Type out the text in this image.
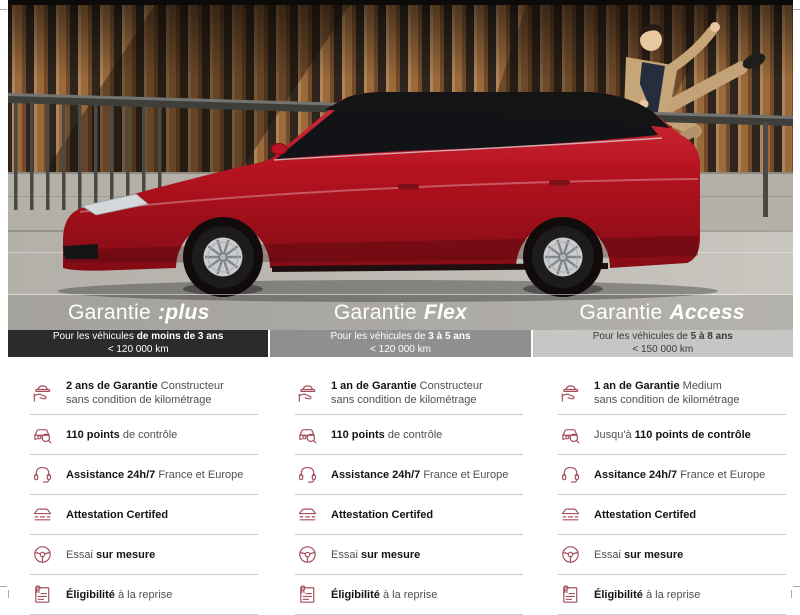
Garantie :plus	Garantie Flex	Garantie Access
Pour les véhicules de moins de 3 ans
< 120 000 km
Pour les véhicules de 3 à 5 ans
< 120 000 km
Pour les véhicules de 5 à 8 ans
< 150 000 km
2 ans de Garantie Constructeur
sans condition de kilométrage
110 points de contrôle
Assistance 24h/7 France et Europe
Attestation Certifed
Essai sur mesure
Éligibilité à la reprise
1 an de Garantie Constructeur
sans condition de kilométrage
110 points de contrôle
Assistance 24h/7 France et Europe
Attestation Certifed
Essai sur mesure
Éligibilité à la reprise
1 an de Garantie Medium
sans condition de kilométrage
Jusqu'à 110 points de contrôle
Assitance 24h/7 France et Europe
Attestation Certifed
Essai sur mesure
Éligibilité à la reprise
